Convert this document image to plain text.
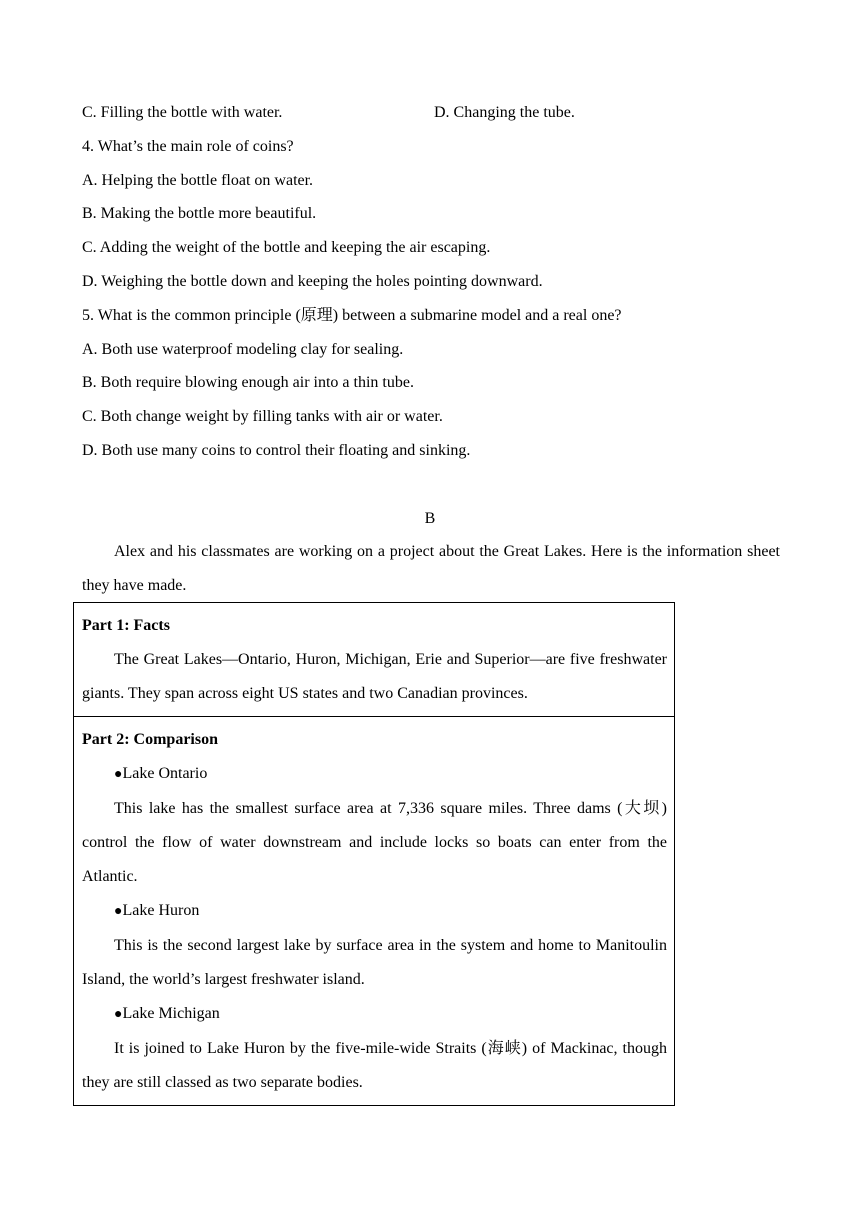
C. Filling the bottle with water.	D. Changing the tube.
4. What’s the main role of coins?
A. Helping the bottle float on water.
B. Making the bottle more beautiful.
C. Adding the weight of the bottle and keeping the air escaping.
D. Weighing the bottle down and keeping the holes pointing downward.
5. What is the common principle (原理) between a submarine model and a real one?
A. Both use waterproof modeling clay for sealing.
B. Both require blowing enough air into a thin tube.
C. Both change weight by filling tanks with air or water.
D. Both use many coins to control their floating and sinking.
B
Alex and his classmates are working on a project about the Great Lakes. Here is the information sheet they have made.
Part 1: Facts
The Great Lakes—Ontario, Huron, Michigan, Erie and Superior—are five freshwater giants. They span across eight US states and two Canadian provinces.
Part 2: Comparison
●Lake Ontario
This lake has the smallest surface area at 7,336 square miles. Three dams (大坝) control the flow of water downstream and include locks so boats can enter from the Atlantic.
●Lake Huron
This is the second largest lake by surface area in the system and home to Manitoulin Island, the world’s largest freshwater island.
●Lake Michigan
It is joined to Lake Huron by the five-mile-wide Straits (海峡) of Mackinac, though they are still classed as two separate bodies.
